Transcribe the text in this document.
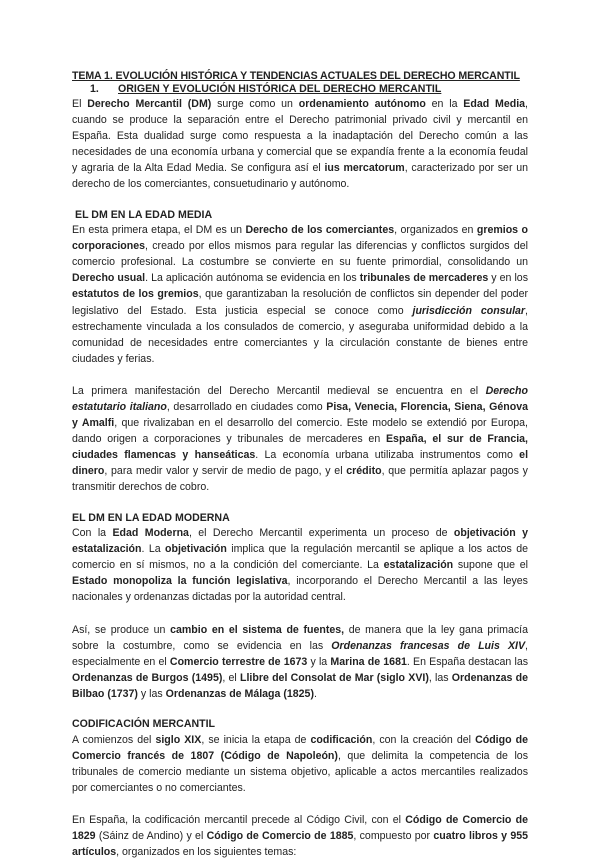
TEMA 1. EVOLUCIÓN HISTÓRICA Y TENDENCIAS ACTUALES DEL DERECHO MERCANTIL
1. ORIGEN Y EVOLUCIÓN HISTÓRICA DEL DERECHO MERCANTIL

El Derecho Mercantil (DM) surge como un ordenamiento autónomo en la Edad Media, cuando se produce la separación entre el Derecho patrimonial privado civil y mercantil en España. Esta dualidad surge como respuesta a la inadaptación del Derecho común a las necesidades de una economía urbana y comercial que se expandía frente a la economía feudal y agraria de la Alta Edad Media. Se configura así el ius mercatorum, caracterizado por ser un derecho de los comerciantes, consuetudinario y autónomo.

EL DM EN LA EDAD MEDIA

En esta primera etapa, el DM es un Derecho de los comerciantes, organizados en gremios o corporaciones, creado por ellos mismos para regular las diferencias y conflictos surgidos del comercio profesional. La costumbre se convierte en su fuente primordial, consolidando un Derecho usual. La aplicación autónoma se evidencia en los tribunales de mercaderes y en los estatutos de los gremios, que garantizaban la resolución de conflictos sin depender del poder legislativo del Estado. Esta justicia especial se conoce como jurisdicción consular, estrechamente vinculada a los consulados de comercio, y aseguraba uniformidad debido a la comunidad de necesidades entre comerciantes y la circulación constante de bienes entre ciudades y ferias.

La primera manifestación del Derecho Mercantil medieval se encuentra en el Derecho estatutario italiano, desarrollado en ciudades como Pisa, Venecia, Florencia, Siena, Génova y Amalfi, que rivalizaban en el desarrollo del comercio. Este modelo se extendió por Europa, dando origen a corporaciones y tribunales de mercaderes en España, el sur de Francia, ciudades flamencas y hanseáticas. La economía urbana utilizaba instrumentos como el dinero, para medir valor y servir de medio de pago, y el crédito, que permitía aplazar pagos y transmitir derechos de cobro.

EL DM EN LA EDAD MODERNA

Con la Edad Moderna, el Derecho Mercantil experimenta un proceso de objetivación y estatalización. La objetivación implica que la regulación mercantil se aplique a los actos de comercio en sí mismos, no a la condición del comerciante. La estatalización supone que el Estado monopoliza la función legislativa, incorporando el Derecho Mercantil a las leyes nacionales y ordenanzas dictadas por la autoridad central.

Así, se produce un cambio en el sistema de fuentes, de manera que la ley gana primacía sobre la costumbre, como se evidencia en las Ordenanzas francesas de Luis XIV, especialmente en el Comercio terrestre de 1673 y la Marina de 1681. En España destacan las Ordenanzas de Burgos (1495), el Llibre del Consolat de Mar (siglo XVI), las Ordenanzas de Bilbao (1737) y las Ordenanzas de Málaga (1825).

CODIFICACIÓN MERCANTIL

A comienzos del siglo XIX, se inicia la etapa de codificación, con la creación del Código de Comercio francés de 1807 (Código de Napoleón), que delimita la competencia de los tribunales de comercio mediante un sistema objetivo, aplicable a actos mercantiles realizados por comerciantes o no comerciantes.

En España, la codificación mercantil precede al Código Civil, con el Código de Comercio de 1829 (Sáinz de Andino) y el Código de Comercio de 1885, compuesto por cuatro libros y 955 artículos, organizados en los siguientes temas:
